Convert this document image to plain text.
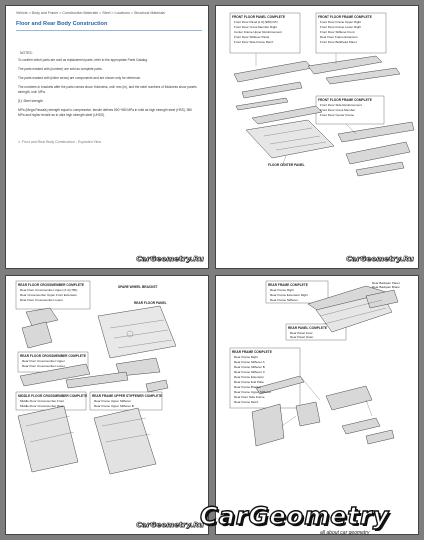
Vehicle > Body and Frame > Construction Materials > Steel > Locations > Structural Materials
Floor and Rear Body Construction
NOTES:
To confirm which parts are sold as replacement parts, refer to the appropriate Parts Catalog.
The parts marked with (number) are sold as complete parts.
The parts marked with (inline arrow) are components and are shown only for reference.
The numbers in brackets after the parts names show: thickness, unit: mm (in), and the steel numbers of thickness show panels strength, unit: MPa.
[1]: Steel strength
MPa (Mega Pascals) strength equal to compressive, tensile defines 590~980 MPa in mild as high strength steel (HSS), 980 MPa and higher tensile as in ultra high strength steel (UHSS).
1. Floor and Rear Body Construction - Exploded View
CarGeometry.Ru
FRONT FLOOR PANEL COMPLETE
Front Floor Panel [1.0] (980) P/N
Front Floor Cross Member Right
Center Frame Upper Reinforcement
Front Floor Stiffener Panel
Front Floor Side Frame Reinf.
FRONT FLOOR FRAME COMPLETE
Front Floor Frame Upper Right
Front Floor Frame Lower Right
Front Floor Stiffener Front
Rear Floor Frame Extension
Front Floor Bulkhead Panel
FRONT FLOOR FRAME COMPLETE
Front Floor Side Reinforcement
Front Floor Cross Member
Front Floor Center Frame
FLOOR CENTER PANEL
CarGeometry.Ru
REAR FLOOR CROSSMEMBER COMPLETE
Rear Floor Crossmember Upper [1.4] (780)
Rear Crossmember Upper Front Extension
Rear Floor Crossmember Lower
SPARE WHEEL BRACKET
REAR FLOOR PANEL
REAR FLOOR CROSSMEMBER COMPLETE
Rear Floor Crossmember Upper
Rear Floor Crossmember Lower
MIDDLE FLOOR CROSSMEMBER COMPLETE
Middle Floor Crossmember Front
Middle Floor Crossmember Rear
REAR FRAME UPPER STIFFENER COMPLETE
Rear Frame Upper Stiffener
Rear Frame Upper Stiffener B
CarGeometry.Ru
REAR FRAME COMPLETE
Rear Frame Right
Rear Frame Extension Right
Rear Frame Stiffener
Rear Backpan Panel
Rear Backpan Brace
REAR PANEL COMPLETE
Rear Panel Inner
Rear Panel Outer
REAR FRAME COMPLETE
Rear Frame Right
Rear Frame Stiffener A
Rear Frame Stiffener B
Rear Frame Stiffener C
Rear Frame Extension
Rear Frame End Plate
Rear Frame Bracket
Rear Frame Upper Stiffener
Rear Floor Side Frame
Rear Frame Reinf.
CarGeometry
all about car geometry
